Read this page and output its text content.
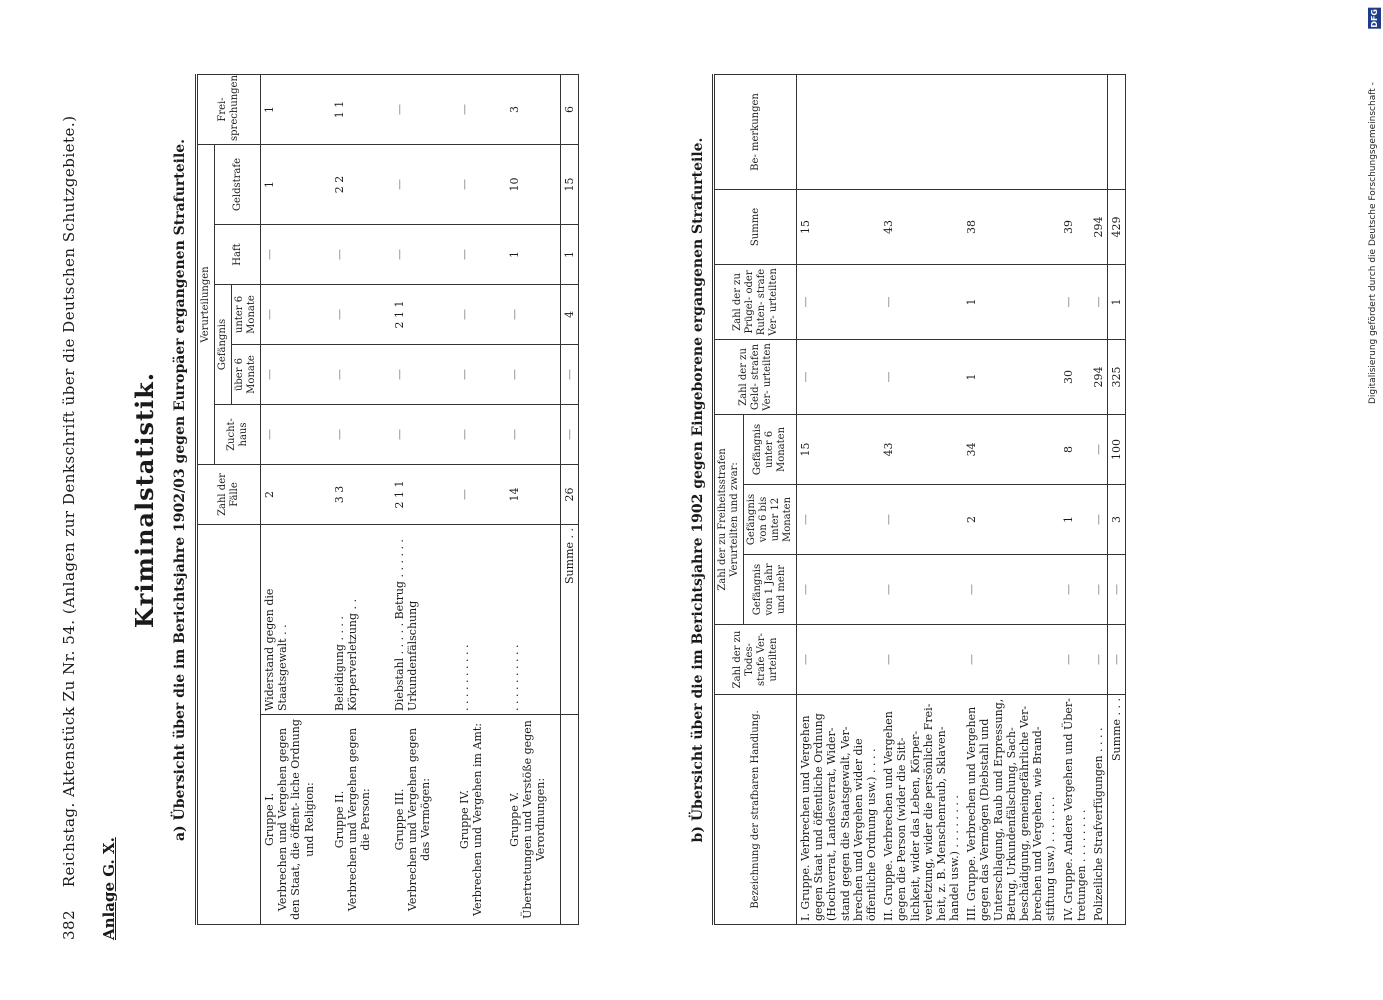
382  Reichstag. Aktenstück Zu Nr. 54. (Anlagen zur Denkschrift über die Deutschen Schutzgebiete.)
Anlage G. X.
Kriminalstatistik. a) Übersicht über die im Berichtsjahre 1902/03 gegen Europäer ergangenen Strafurteile.
		Zahl der Fälle	Verurteilungen					Frei- sprechungen
			Zucht- haus	Gefängnis		Haft	Geldstrafe	
				über 6 Monate	unter 6 Monate			

Gruppe I. Verbrechen und Vergehen gegen den Staat, die öffent- liche Ordnung und Religion:	Widerstand gegen die Staatsgewalt . .	2	—	—	—	—	1	1

Gruppe II. Verbrechen und Vergehen gegen die Person:	Beleidigung . . . . Körperverletzung . .	3 3	—	—	—	—	2 2	1 1

Gruppe III. Verbrechen und Vergehen gegen das Vermögen:	Diebstahl . . . . . Betrug . . . . . . Urkundenfälschung	2 1 1	—	—	2 1 1	—	—	—

Gruppe IV. Verbrechen und Vergehen im Amt:	. . . . . . . . . .	—	—	—	—	—	—	—

Gruppe V. Übertretungen und Verstöße gegen Verordnungen:	. . . . . . . . . .	14	—	—	—	1	10	3
	Summe . .	26	—	—	4	1	15	6
b) Übersicht über die im Berichtsjahre 1902 gegen Eingeborene ergangenen Strafurteile.	Bezeichnung der strafbaren Handlung.	Zahl der zu Todes- strafe Ver- urteilten	Zahl der zu Freiheitsstrafen Verurteilten und zwar:			Zahl der zu Geld- strafen Ver- urteilten	Zahl der zu Prügel- oder Ruten- strafe Ver- urteilten	Summe	Be- merkungen
		Gefängnis von 1 Jahr und mehr	Gefängnis von 6 bis unter 12 Monaten	Gefängnis unter 6 Monaten				
I. Gruppe. Verbrechen und Vergehen gegen Staat und öffentliche Ordnung (Hochverrat, Landesverrat, Wider- stand gegen die Staatsgewalt, Ver- brechen und Vergehen wider die öffentliche Ordnung usw.) . . . .	—	—	—	15	—	—	15	
II. Gruppe. Verbrechen und Vergehen gegen die Person (wider die Sitt- lichkeit, wider das Leben, Körper- verletzung, wider die persönliche Frei- heit, z. B. Menschenraub, Sklaven- handel usw.) . . . . . . . .	—	—	—	43	—	—	43	
III. Gruppe. Verbrechen und Vergehen gegen das Vermögen (Diebstahl und Unterschlagung, Raub und Erpressung, Betrug, Urkundenfälschung, Sach- beschädigung, gemeingefährliche Ver- brechen und Vergehen, wie Brand- stiftung usw.) . . . . . . .	—	—	2	34	1	1	38	
IV. Gruppe. Andere Vergehen und Über- tretungen . . . . . . . .	—	—	1	8	30	—	39	
Polizeiliche Strafverfügungen . . . .	—	—	—	—	294	—	294	
Summe . . .	—	—	3	100	325	1	429	
DFG
Digitalisierung gefördert durch die Deutsche Forschungsgemeinschaft -
